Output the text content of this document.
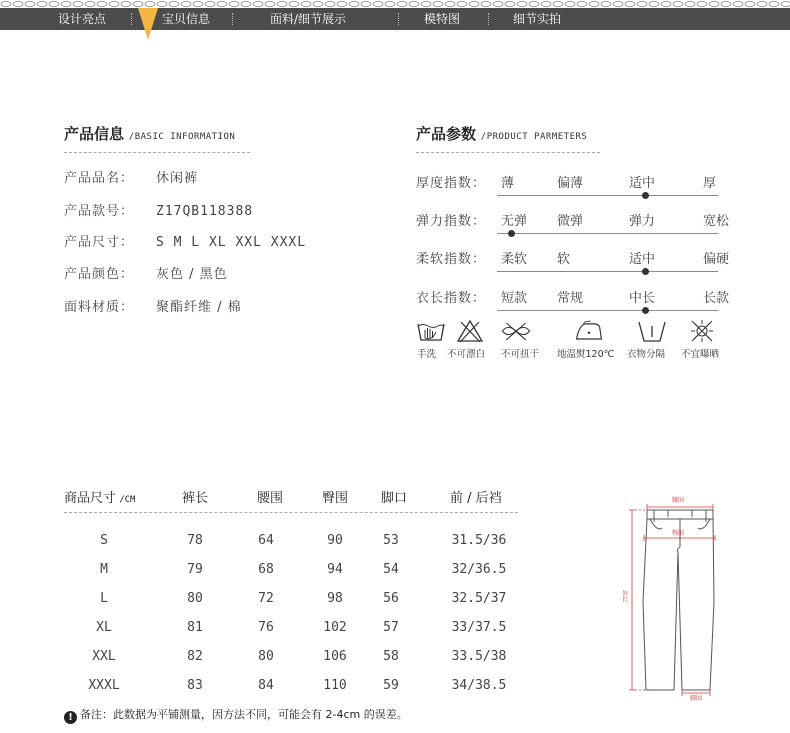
设计亮点	宝贝信息	面料/细节展示	模特图	细节实拍
产品信息 /BASIC INFORMATION
产品品名： 休闲裤
产品款号： Z17QB118388
产品尺寸： S M L XL XXL XXXL
产品颜色： 灰色 / 黑色
面料材质： 聚酯纤维 / 棉
产品参数 /PRODUCT PARMETERS
厚度指数： 薄	偏薄	适中	厚
弹力指数： 无弹 微弹	弹力	宽松
柔软指数： 柔软 软	适中	偏硬
衣长指数： 短款 常规	中长	长款
手洗 不可漂白 不可扭干 地温熨120℃ 衣物分隔 不宜曝晒
商品尺寸 /CM	裤长	腰围	臀围	脚口	前 / 后裆
S	78	64	90	53	31.5/36
M	79	68	94	54	32/36.5
L	80	72	98	56	32.5/37
XL	81	76	102	57	33/37.5
XXL	82	80	106	58	33.5/38
XXXL	83	84	110	59	34/38.5
腰围
臀围
外长
脚围
! 备注：此数据为平铺测量，因方法不同，可能会有 2-4cm 的误差。
